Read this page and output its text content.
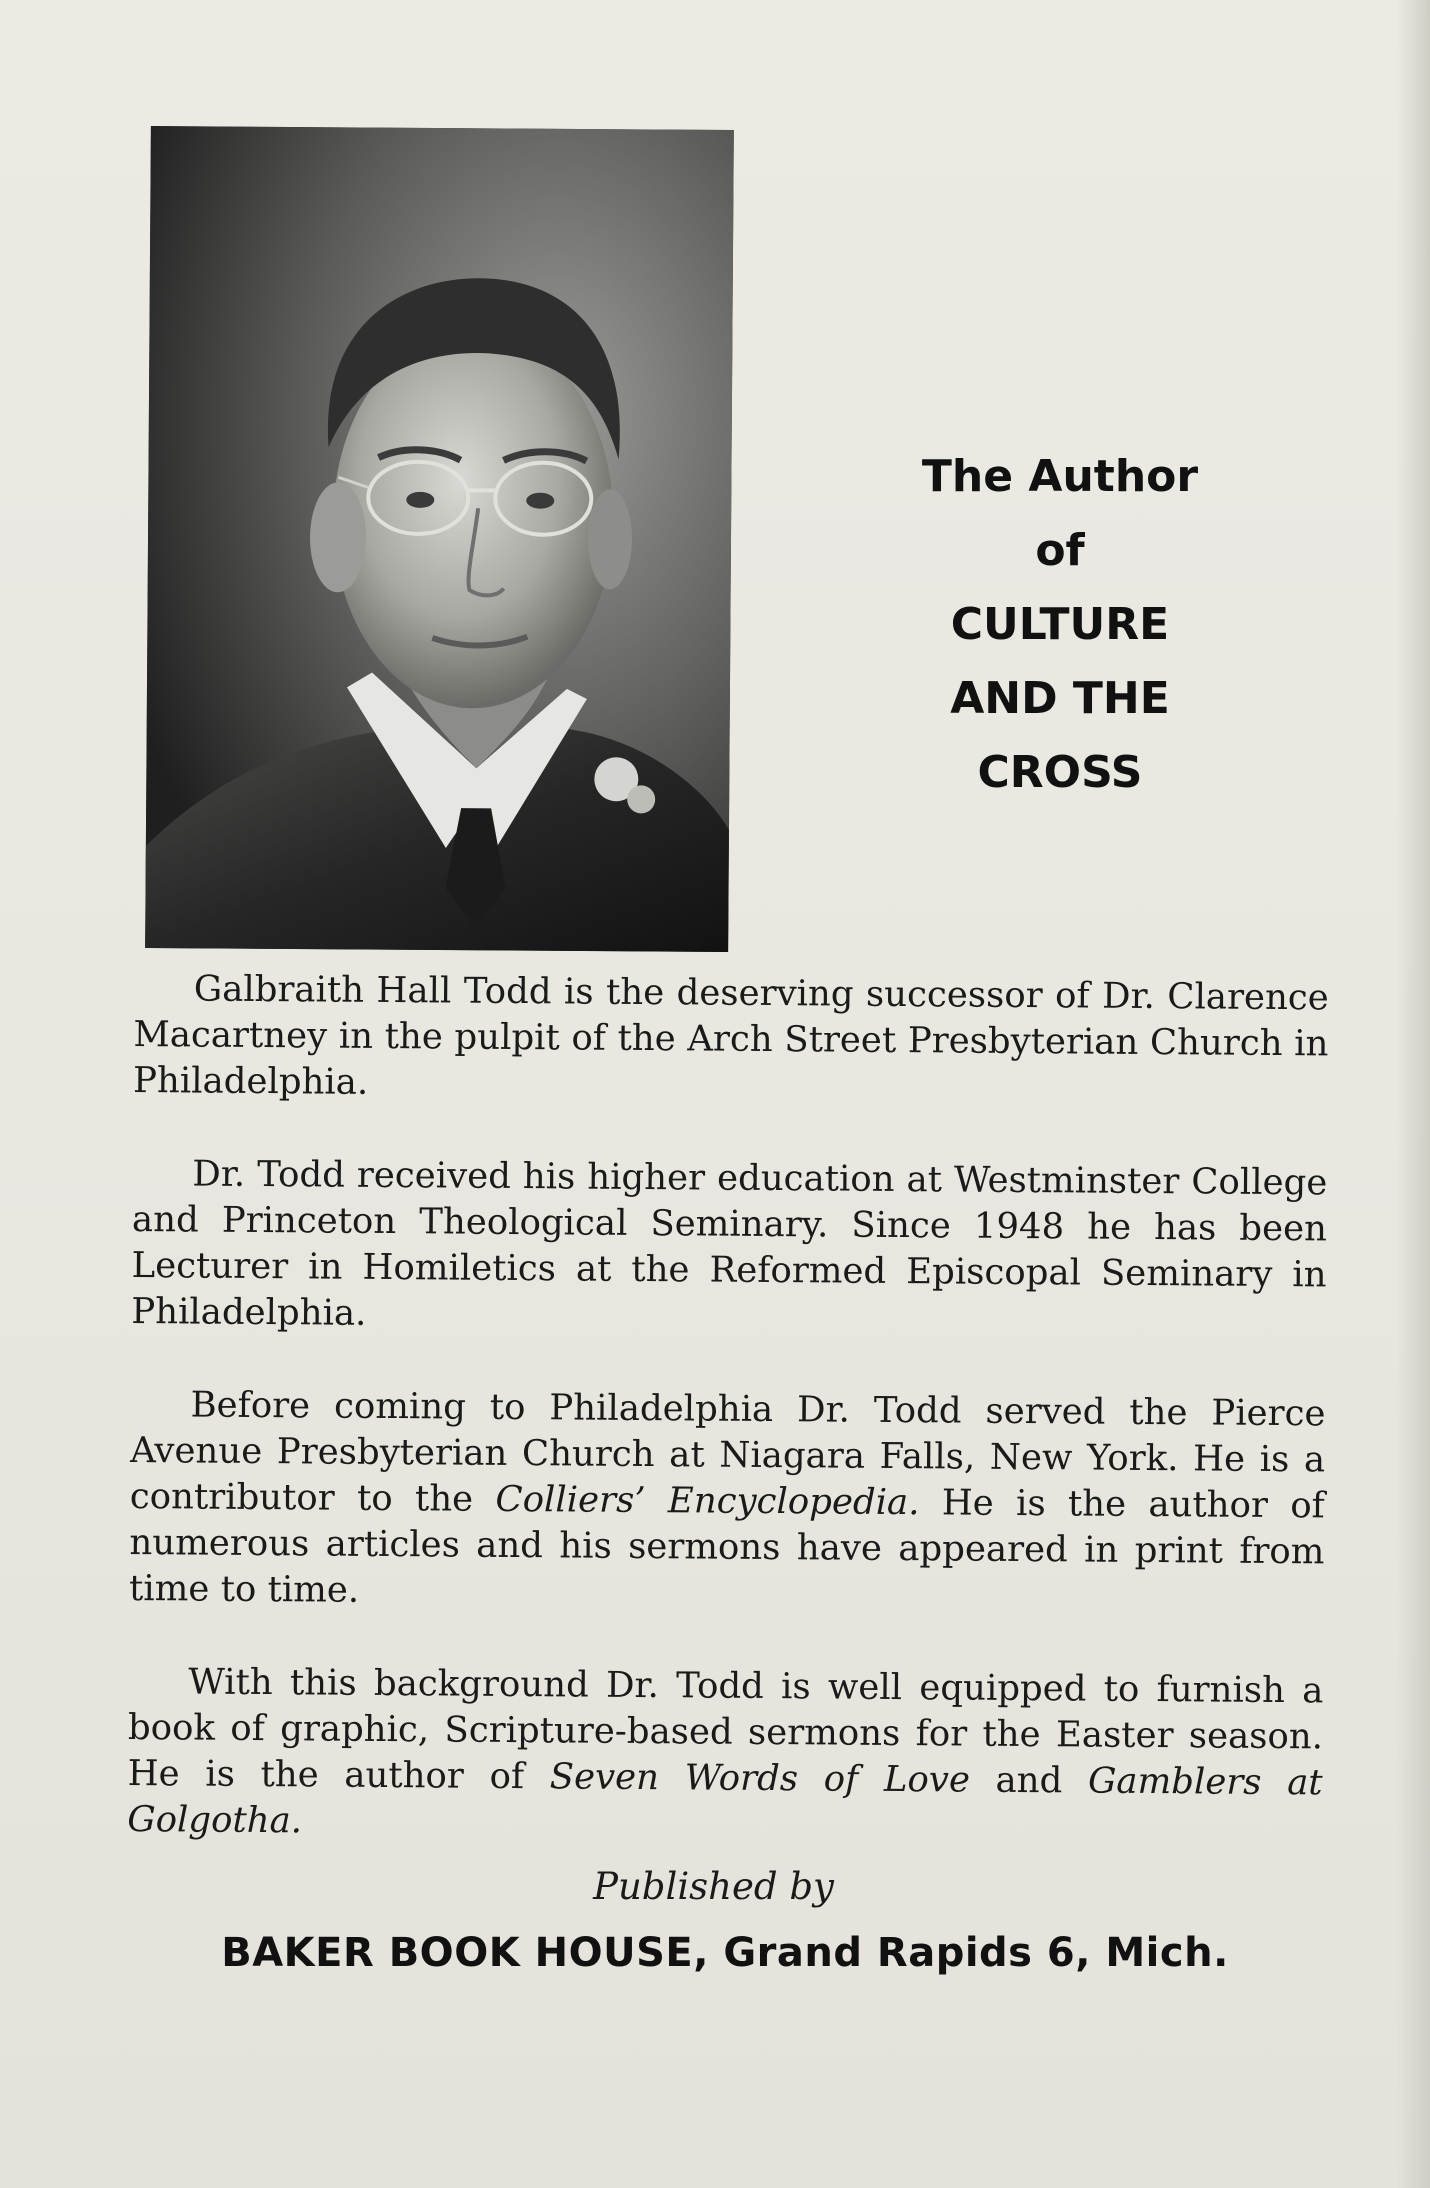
The Author
of
CULTURE
AND THE
CROSS

Galbraith Hall Todd is the deserving successor of Dr. Clarence Macartney in the pulpit of the Arch Street Presbyterian Church in Philadelphia.

Dr. Todd received his higher education at Westminster College and Princeton Theological Seminary. Since 1948 he has been Lecturer in Homiletics at the Reformed Episcopal Seminary in Philadelphia.

Before coming to Philadelphia Dr. Todd served the Pierce Avenue Presbyterian Church at Niagara Falls, New York. He is a contributor to the Colliers’ Encyclopedia. He is the author of numerous articles and his sermons have appeared in print from time to time.

With this background Dr. Todd is well equipped to furnish a book of graphic, Scripture-based sermons for the Easter season. He is the author of Seven Words of Love and Gamblers at Golgotha.

Published by
BAKER BOOK HOUSE, Grand Rapids 6, Mich.
